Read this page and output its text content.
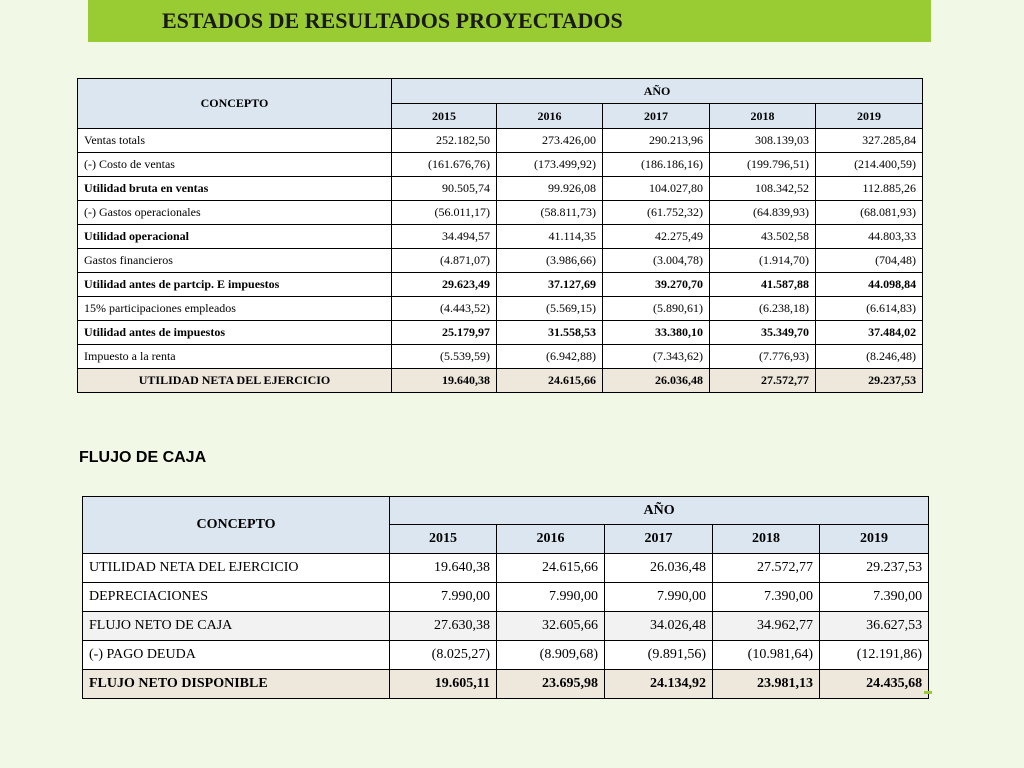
ESTADOS DE RESULTADOS PROYECTADOS
CONCEPTO	AÑO				
	2015	2016	2017	2018	2019
Ventas totals	252.182,50	273.426,00	290.213,96	308.139,03	327.285,84
(-) Costo de ventas	(161.676,76)	(173.499,92)	(186.186,16)	(199.796,51)	(214.400,59)
Utilidad bruta en ventas	90.505,74	99.926,08	104.027,80	108.342,52	112.885,26
(-) Gastos operacionales	(56.011,17)	(58.811,73)	(61.752,32)	(64.839,93)	(68.081,93)
Utilidad operacional	34.494,57	41.114,35	42.275,49	43.502,58	44.803,33
Gastos financieros	(4.871,07)	(3.986,66)	(3.004,78)	(1.914,70)	(704,48)
Utilidad antes de partcip. E impuestos	29.623,49	37.127,69	39.270,70	41.587,88	44.098,84
15% participaciones empleados	(4.443,52)	(5.569,15)	(5.890,61)	(6.238,18)	(6.614,83)
Utilidad antes de impuestos	25.179,97	31.558,53	33.380,10	35.349,70	37.484,02
Impuesto a la renta	(5.539,59)	(6.942,88)	(7.343,62)	(7.776,93)	(8.246,48)
UTILIDAD NETA DEL EJERCICIO	19.640,38	24.615,66	26.036,48	27.572,77	29.237,53
FLUJO DE CAJA
CONCEPTO	AÑO				
	2015	2016	2017	2018	2019
UTILIDAD NETA DEL EJERCICIO	19.640,38	24.615,66	26.036,48	27.572,77	29.237,53
DEPRECIACIONES	7.990,00	7.990,00	7.990,00	7.390,00	7.390,00
FLUJO NETO DE CAJA	27.630,38	32.605,66	34.026,48	34.962,77	36.627,53
(-) PAGO DEUDA	(8.025,27)	(8.909,68)	(9.891,56)	(10.981,64)	(12.191,86)
FLUJO NETO DISPONIBLE	19.605,11	23.695,98	24.134,92	23.981,13	24.435,68
